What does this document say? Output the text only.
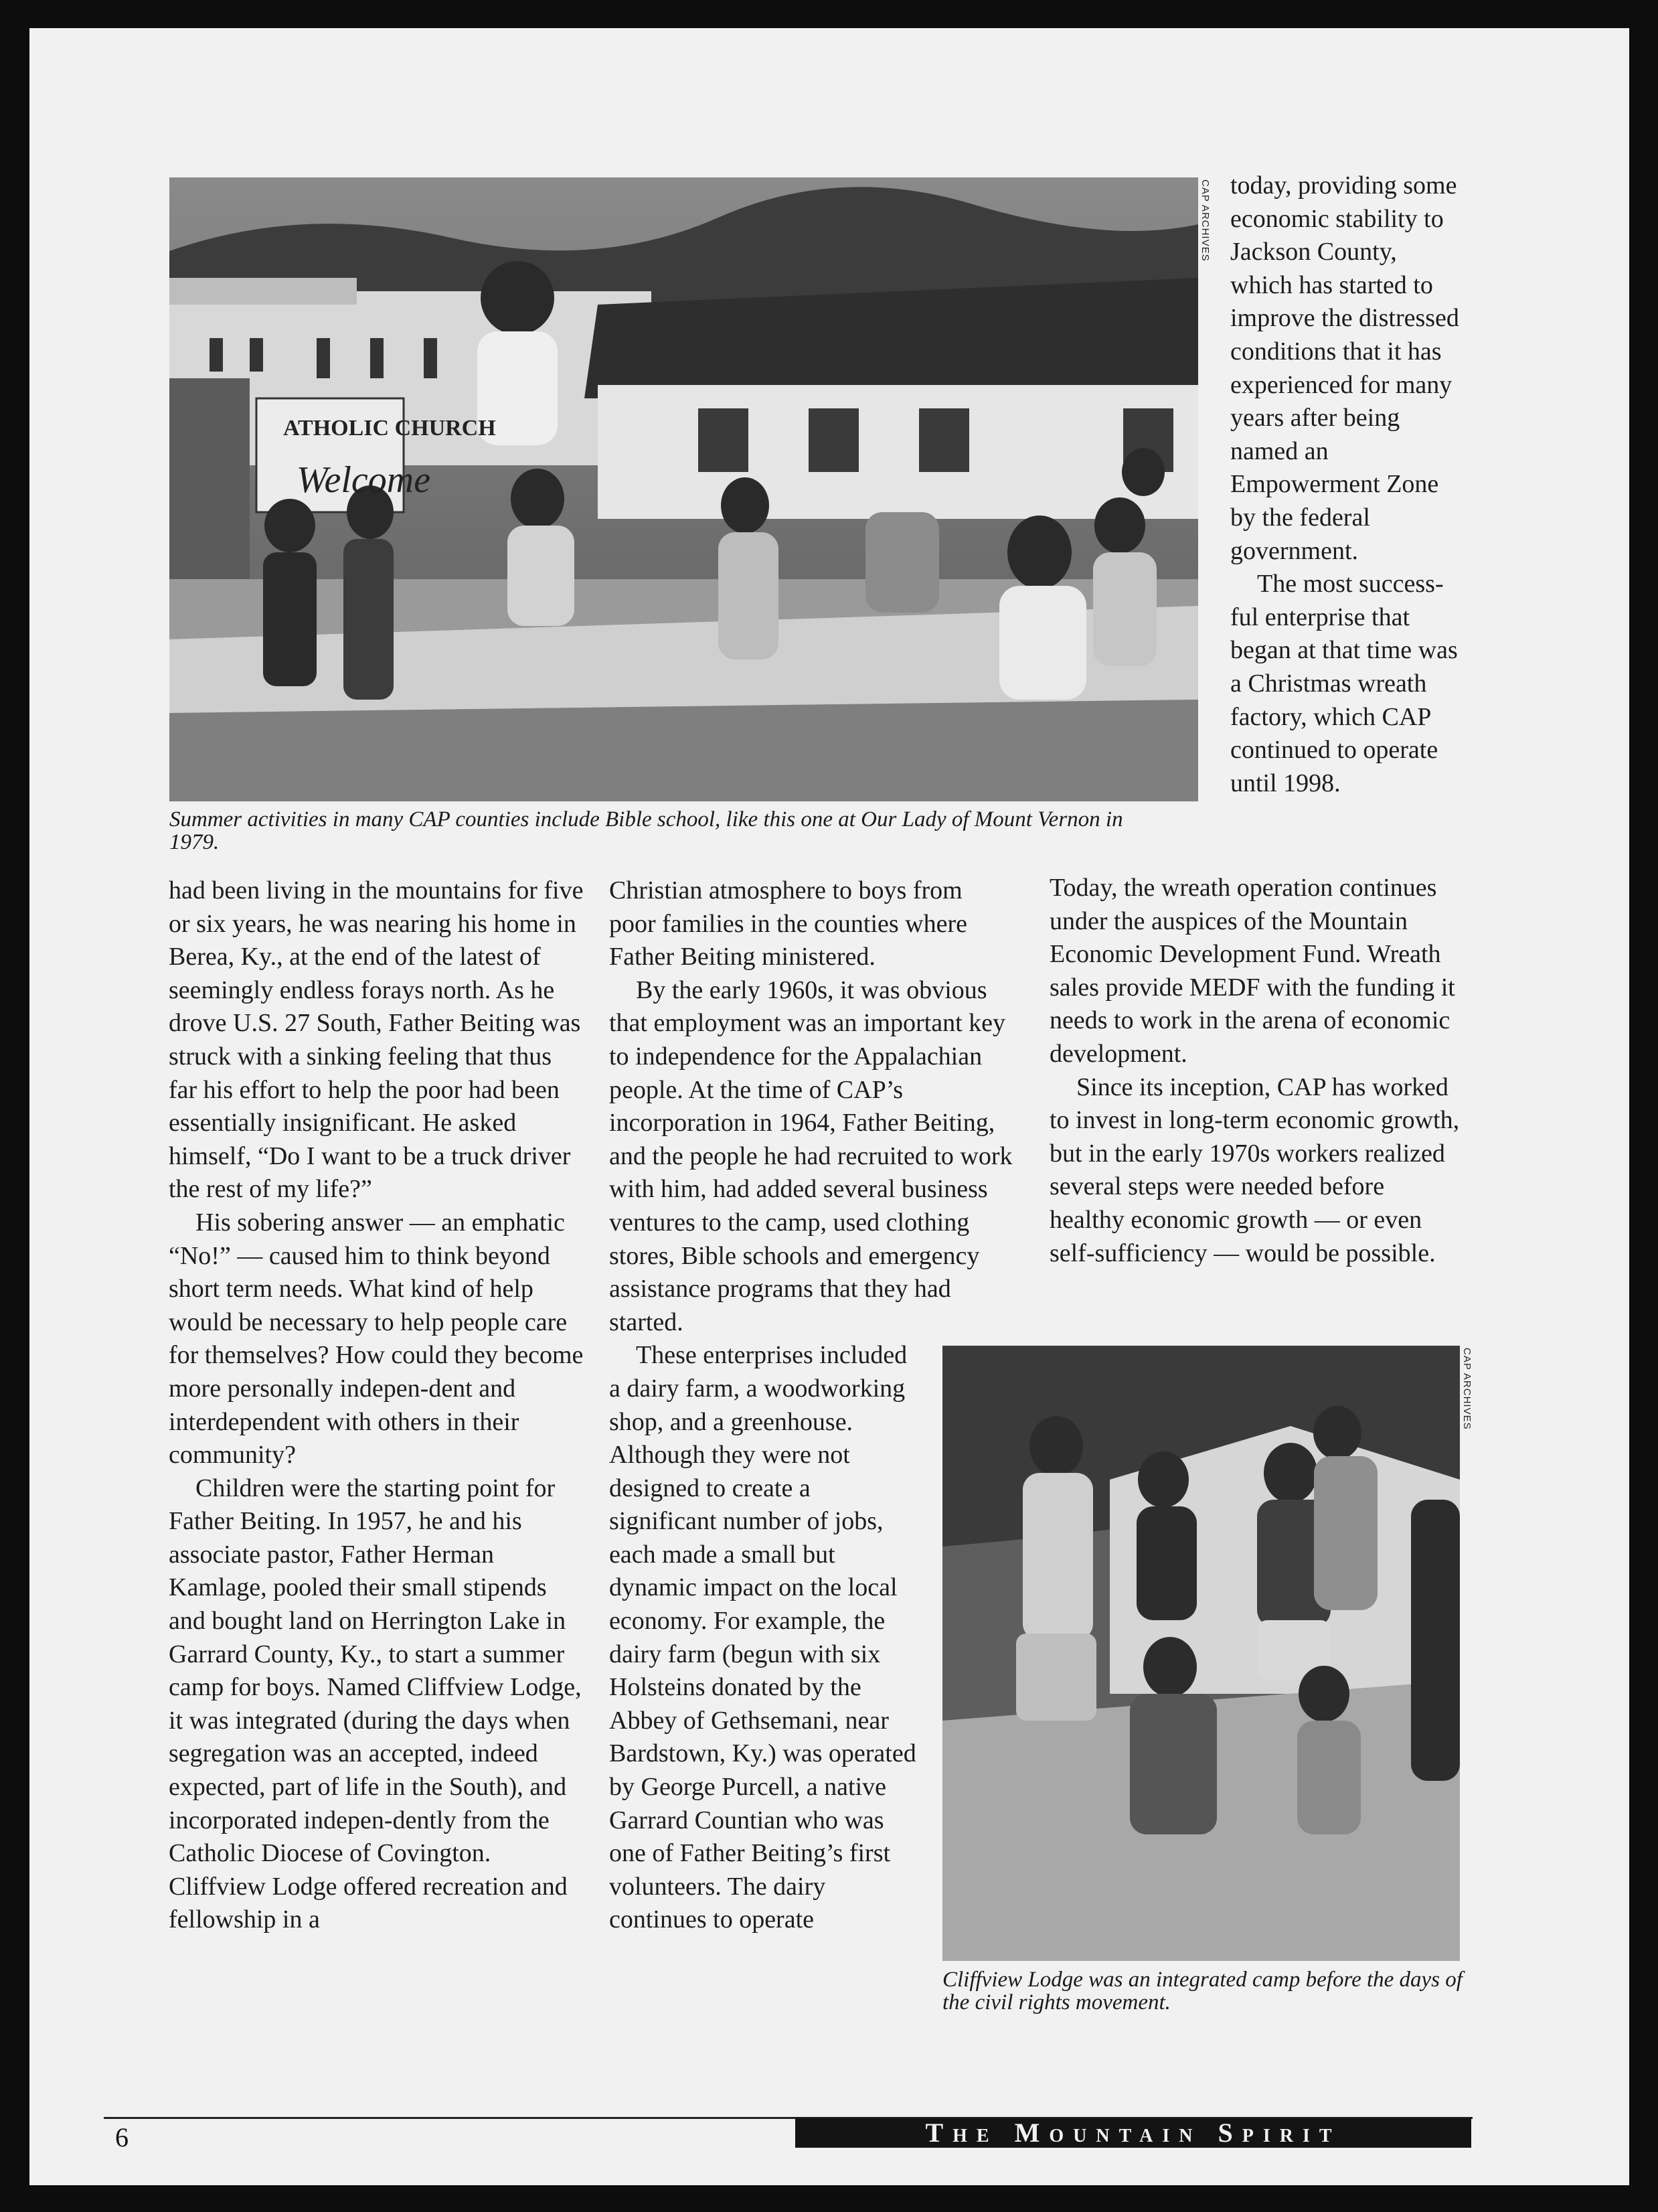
ATHOLIC CHURCH
Welcome
CAP ARCHIVES
Summer activities in many CAP counties include Bible school, like this one at Our Lady of Mount Vernon in 1979.
CAP ARCHIVES
Cliffview Lodge was an integrated camp before the days of the civil rights movement.

had been living in the mountains for five or six years, he was nearing his home in Berea, Ky., at the end of the latest of seemingly endless forays north. As he drove U.S. 27 South, Father Beiting was struck with a sinking feeling that thus far his effort to help the poor had been essentially insignificant. He asked himself, “Do I want to be a truck driver the rest of my life?”

His sobering answer — an emphatic “No!” — caused him to think beyond short term needs. What kind of help would be necessary to help people care for themselves? How could they become more personally indepen-dent and interdependent with others in their community?

Children were the starting point for Father Beiting. In 1957, he and his associate pastor, Father Herman Kamlage, pooled their small stipends and bought land on Herrington Lake in Garrard County, Ky., to start a summer camp for boys. Named Cliffview Lodge, it was integrated (during the days when segregation was an accepted, indeed expected, part of life in the South), and incorporated indepen-dently from the Catholic Diocese of Covington. Cliffview Lodge offered recreation and fellowship in a

Christian atmosphere to boys from poor families in the counties where Father Beiting ministered.

By the early 1960s, it was obvious that employment was an important key to independence for the Appalachian people. At the time of CAP’s incorporation in 1964, Father Beiting, and the people he had recruited to work with him, had added several business ventures to the camp, used clothing stores, Bible schools and emergency assistance programs that they had started.

These enterprises included a dairy farm, a woodworking shop, and a greenhouse. Although they were not designed to create a significant number of jobs, each made a small but dynamic impact on the local economy. For example, the dairy farm (begun with six Holsteins donated by the Abbey of Gethsemani, near Bardstown, Ky.) was operated by George Purcell, a native Garrard Countian who was one of Father Beiting’s first volunteers. The dairy continues to operate

today, providing some economic stability to Jackson County, which has started to improve the distressed conditions that it has experienced for many years after being named an Empowerment Zone by the federal government.

The most success-ful enterprise that began at that time was a Christmas wreath factory, which CAP continued to operate until 1998.

Today, the wreath operation continues under the auspices of the Mountain Economic Development Fund. Wreath sales provide MEDF with the funding it needs to work in the arena of economic development.

Since its inception, CAP has worked to invest in long-term economic growth, but in the early 1970s workers realized several steps were needed before healthy economic growth — or even self-sufficiency — would be possible.

6	The Mountain Spirit
